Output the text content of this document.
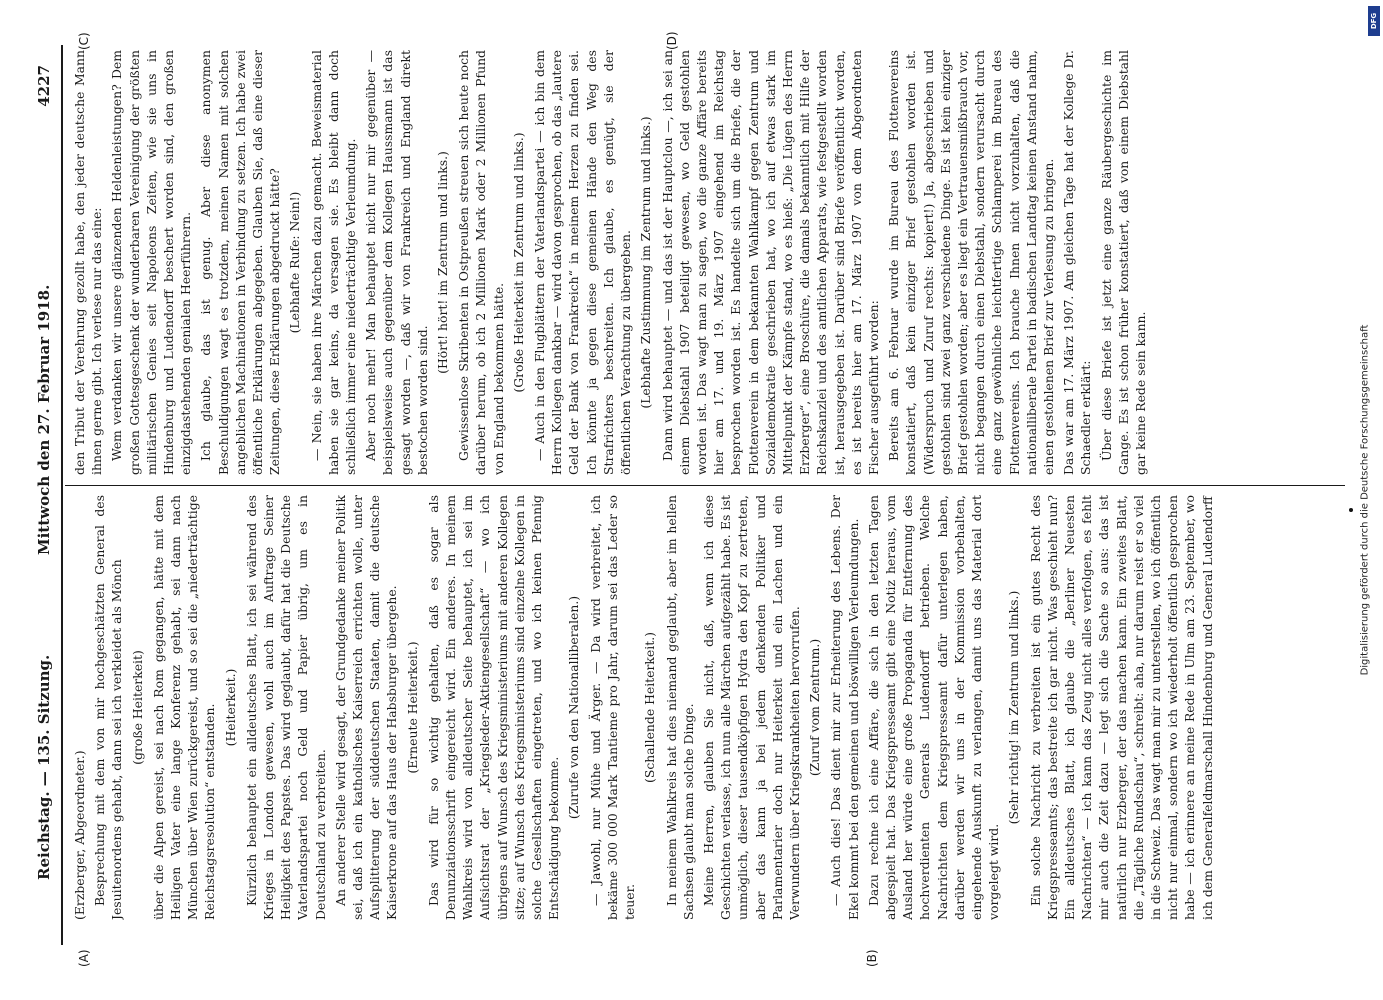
Reichstag. — 135. Sitzung.
Mittwoch den 27. Februar 1918.
4227
(A)	(B)
(C)	(D)

(Erzberger, Abgeordneter.) Besprechung mit dem von mir hochgeschätzten General des Jesuitenordens gehabt, dann sei ich verkleidet als Mönch (große Heiterkeit) über die Alpen gereist, sei nach Rom gegangen, hätte mit dem Heiligen Vater eine lange Konferenz gehabt, sei dann nach München über Wien zurückgereist, und so sei die „niederträchtige Reichstagsresolution“ entstanden. (Heiterkeit.) Kürzlich behauptet ein alldeutsches Blatt, ich sei während des Krieges in London gewesen, wohl auch im Auftrage Seiner Heiligkeit des Papstes. Das wird geglaubt, dafür hat die Deutsche Vaterlandspartei noch Geld und Papier übrig, um es in Deutschland zu verbreiten. An anderer Stelle wird gesagt, der Grundgedanke meiner Politik sei, daß ich ein katholisches Kaiserreich errichten wolle, unter Aufsplitterung der süddeutschen Staaten, damit die deutsche Kaiserkrone auf das Haus der Habsburger übergehe. (Erneute Heiterkeit.) Das wird für so wichtig gehalten, daß es sogar als Denunziationsschrift eingereicht wird. Ein anderes. In meinem Wahlkreis wird von alldeutscher Seite behauptet, ich sei im Aufsichtsrat der „Kriegsleder-Aktiengesellschaft“ — wo ich übrigens auf Wunsch des Kriegsministeriums mit anderen Kollegen sitze; auf Wunsch des Kriegsministeriums sind einzelne Kollegen in solche Gesellschaften eingetreten, und wo ich keinen Pfennig Entschädigung bekomme.

(Zurufe von den Nationalliberalen.) — Jawohl, nur Mühe und Ärger. — Da wird verbreitet, ich bekäme 300 000 Mark Tantieme pro Jahr, darum sei das Leder so teuer.

(Schallende Heiterkeit.) In meinem Wahlkreis hat dies niemand geglaubt, aber im hellen Sachsen glaubt man solche Dinge. Meine Herren, glauben Sie nicht, daß, wenn ich diese Geschichten verlasse, ich nun alle Märchen aufgezählt habe. Es ist unmöglich, dieser tausendköpfigen Hydra den Kopf zu zertreten, aber das kann ja bei jedem denkenden Politiker und Parlamentarier doch nur Heiterkeit und ein Lachen und ein Verwundern über Kriegskrankheiten hervorrufen. (Zuruf vom Zentrum.) — Auch dies! Das dient mir zur Erheiterung des Lebens. Der Ekel kommt bei den gemeinen und böswilligen Verleumdungen. Dazu rechne ich eine Affäre, die sich in den letzten Tagen abgespielt hat. Das Kriegspresseamt gibt eine Notiz heraus, vom Ausland her würde eine große Propaganda für Entfernung des hochverdienten Generals Ludendorff betrieben. Welche Nachrichten dem Kriegspresseamt dafür unterlegen haben, darüber werden wir uns in der Kommission vorbehalten, eingehende Auskunft zu verlangen, damit uns das Material dort vorgelegt wird.

(Sehr richtig! im Zentrum und links.) Ein solche Nachricht zu verbreiten ist ein gutes Recht des Kriegspresseamts; das bestreite ich gar nicht. Was geschieht nun? Ein alldeutsches Blatt, ich glaube die „Berliner Neuesten Nachrichten“ — ich kann das Zeug nicht alles verfolgen, es fehlt mir auch die Zeit dazu — legt sich die Sache so aus: das ist natürlich nur Erzberger, der das machen kann. Ein zweites Blatt, die „Tägliche Rundschau“, schreibt: aha, nur darum reist er so viel in die Schweiz. Das wagt man mir zu unterstellen, wo ich öffentlich nicht nur einmal, sondern wo ich wiederholt öffentlich gesprochen habe — ich erinnere an meine Rede in Ulm am 23. September, wo ich dem Generalfeldmarschall Hindenburg und General Ludendorff

den Tribut der Verehrung gezollt habe, den jeder deutsche Mann ihnen gerne gibt. Ich verlese nur das eine: Wem verdanken wir unsere glänzenden Heldenleistungen? Dem großen Gottesgeschenk der wunderbaren Vereinigung der größten militärischen Genies seit Napoleons Zeiten, wie sie uns in Hindenburg und Ludendorff beschert worden sind, den großen einzigdastehenden genialen Heerführern. Ich glaube, das ist genug. Aber diese anonymen Beschuldigungen wagt es trotzdem, meinen Namen mit solchen angeblichen Machinationen in Verbindung zu setzen. Ich habe zwei öffentliche Erklärungen abgegeben. Glauben Sie, daß eine dieser Zeitungen, diese Erklärungen abgedruckt hätte? (Lebhafte Rufe: Nein!) — Nein, sie haben ihre Märchen dazu gemacht. Beweismaterial haben sie gar keins, da versagen sie. Es bleibt dann doch schließlich immer eine niederträchtige Verleumdung. Aber noch mehr! Man behauptet nicht nur mir gegenüber — beispielsweise auch gegenüber dem Kollegen Haussmann ist das gesagt worden —, daß wir von Frankreich und England direkt bestochen worden sind.

(Hört! hört! im Zentrum und links.) Gewissenlose Skribenten in Ostpreußen streuen sich heute noch darüber herum, ob ich 2 Millionen Mark oder 2 Millionen Pfund von England bekommen hätte. (Große Heiterkeit im Zentrum und links.) — Auch in den Flugblättern der Vaterlandspartei — ich bin dem Herrn Kollegen dankbar — wird davon gesprochen, ob das „lautere Geld der Bank von Frankreich“ in meinem Herzen zu finden sei. Ich könnte ja gegen diese gemeinen Hände den Weg des Strafrichters beschreiten. Ich glaube, es genügt, sie der öffentlichen Verachtung zu übergeben. (Lebhafte Zustimmung im Zentrum und links.) Dann wird behauptet — und das ist der Hauptclou —, ich sei an einem Diebstahl 1907 beteiligt gewesen, wo Geld gestohlen worden ist. Das wagt man zu sagen, wo die ganze Affäre bereits hier am 17. und 19. März 1907 eingehend im Reichstag besprochen worden ist. Es handelte sich um die Briefe, die der Flottenverein in dem bekannten Wahlkampf gegen Zentrum und Sozialdemokratie geschrieben hat, wo ich auf etwas stark im Mittelpunkt der Kämpfe stand, wo es hieß: „Die Lügen des Herrn Erzberger“, eine Broschüre, die damals bekanntlich mit Hilfe der Reichskanzlei und des amtlichen Apparats, wie festgestellt worden ist, herausgegeben ist. Darüber sind Briefe veröffentlicht worden, es ist bereits hier am 17. März 1907 von dem Abgeordneten Fischer ausgeführt worden: Bereits am 6. Februar wurde im Bureau des Flottenvereins konstatiert, daß kein einziger Brief gestohlen worden ist. (Widerspruch und Zuruf rechts: kopiert!) Ja, abgeschrieben und gestohlen sind zwei ganz verschiedene Dinge. Es ist kein einziger Brief gestohlen worden; aber es liegt ein Vertrauensmißbrauch vor, nicht begangen durch einen Diebstahl, sondern verursacht durch eine ganz gewöhnliche leichtfertige Schlamperei im Bureau des Flottenvereins. Ich brauche Ihnen nicht vorzuhalten, daß die nationalliberale Partei in badischen Landtag keinen Anstand nahm, einen gestohlenen Brief zur Verlesung zu bringen. Das war am 17. März 1907. Am gleichen Tage hat der Kollege Dr. Schaedler erklärt: Über diese Briefe ist jetzt eine ganze Räubergeschichte im Gange. Es ist schon früher konstatiert, daß von einem Diebstahl gar keine Rede sein kann.	Digitalisierung gefördert durch die Deutsche Forschungsgemeinschaft
DFG
